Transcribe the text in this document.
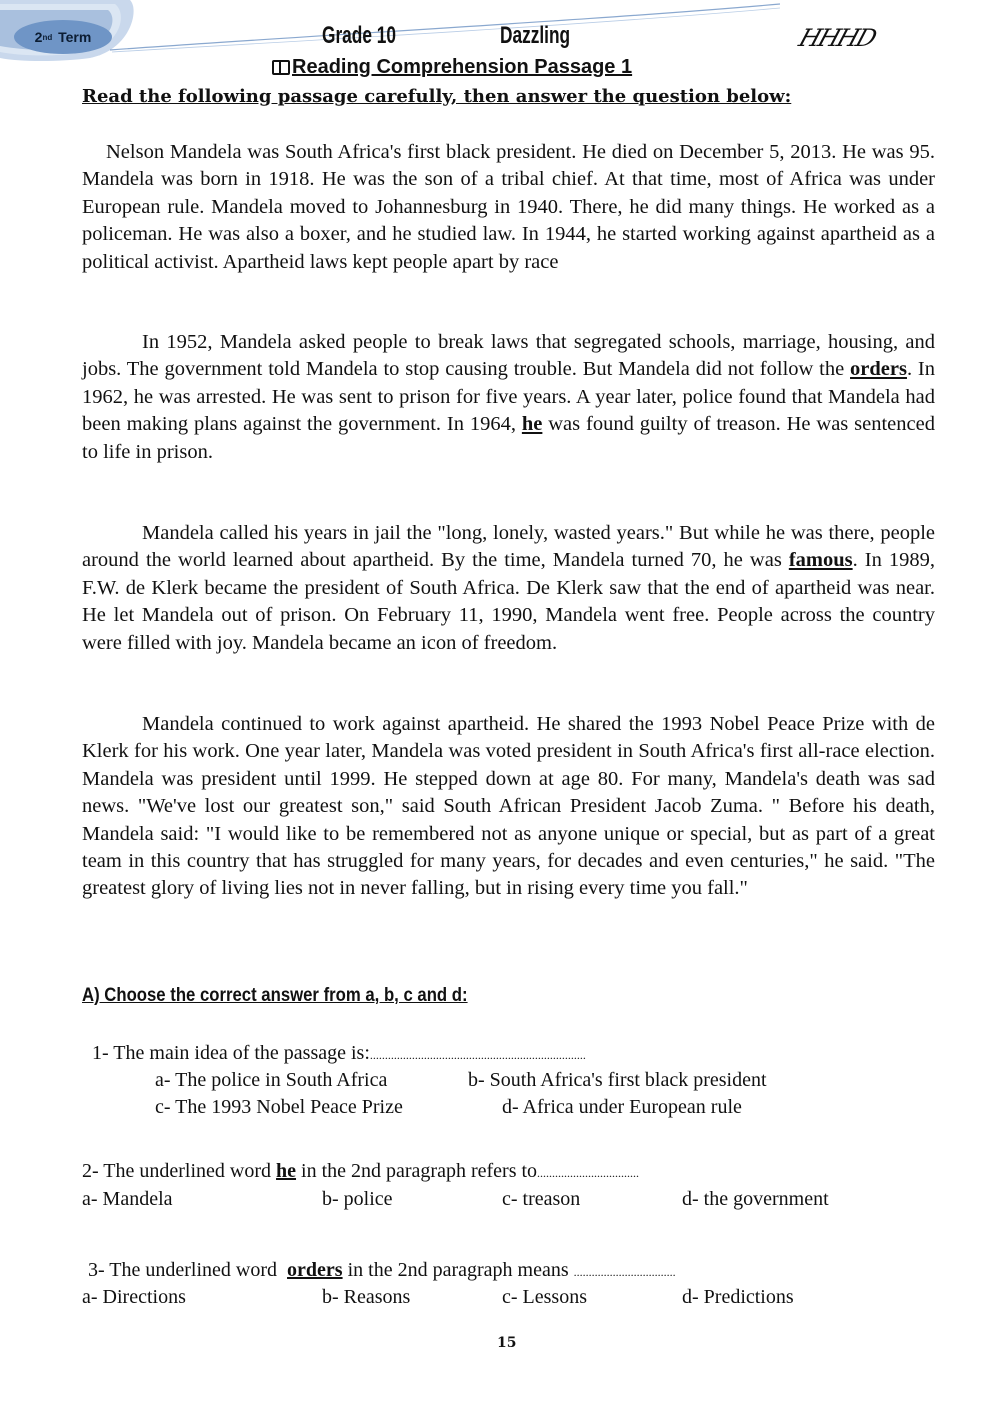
2 nd
Term	Grade 10	Dazzling	HHHD
Reading Comprehension Passage 1
Read the following passage carefully, then answer the question below:
Nelson Mandela was South Africa's first black president. He died on December 5, 2013. He was 95. Mandela was born in 1918. He was the son of a tribal chief. At that time, most of Africa was under European rule. Mandela moved to Johannesburg in 1940. There, he did many things. He worked as a policeman. He was also a boxer, and he studied law. In 1944, he started working against apartheid as a political activist. Apartheid laws kept people apart by race
In 1952, Mandela asked people to break laws that segregated schools, marriage, housing, and jobs. The government told Mandela to stop causing trouble. But Mandela did not follow the orders. In 1962, he was arrested. He was sent to prison for five years. A year later, police found that Mandela had been making plans against the government. In 1964, he was found guilty of treason. He was sentenced to life in prison.
Mandela called his years in jail the "long, lonely, wasted years." But while he was there, people around the world learned about apartheid. By the time, Mandela turned 70, he was famous. In 1989, F.W. de Klerk became the president of South Africa. De Klerk saw that the end of apartheid was near. He let Mandela out of prison. On February 11, 1990, Mandela went free. People across the country were filled with joy. Mandela became an icon of freedom.
Mandela continued to work against apartheid. He shared the 1993 Nobel Peace Prize with de Klerk for his work. One year later, Mandela was voted president in South Africa's first all-race election. Mandela was president until 1999. He stepped down at age 80. For many, Mandela's death was sad news. "We've lost our greatest son," said South African President Jacob Zuma. " Before his death, Mandela said: "I would like to be remembered not as anyone unique or special, but as part of a great team in this country that has struggled for many years, for decades and even centuries," he said. "The greatest glory of living lies not in never falling, but in rising every time you fall."
A) Choose the correct answer from a, b, c and d:
1- The main idea of the passage is:........................................................................
a- The police in South Africa	b- South Africa's first black president
c- The 1993 Nobel Peace Prize	d- Africa under European rule
2- The underlined word he in the 2nd paragraph refers to..................................
a- Mandela	b- police	c- treason	d- the government
3- The underlined word  orders in the 2nd paragraph means ..................................
a- Directions	b- Reasons	c- Lessons	d- Predictions
15
